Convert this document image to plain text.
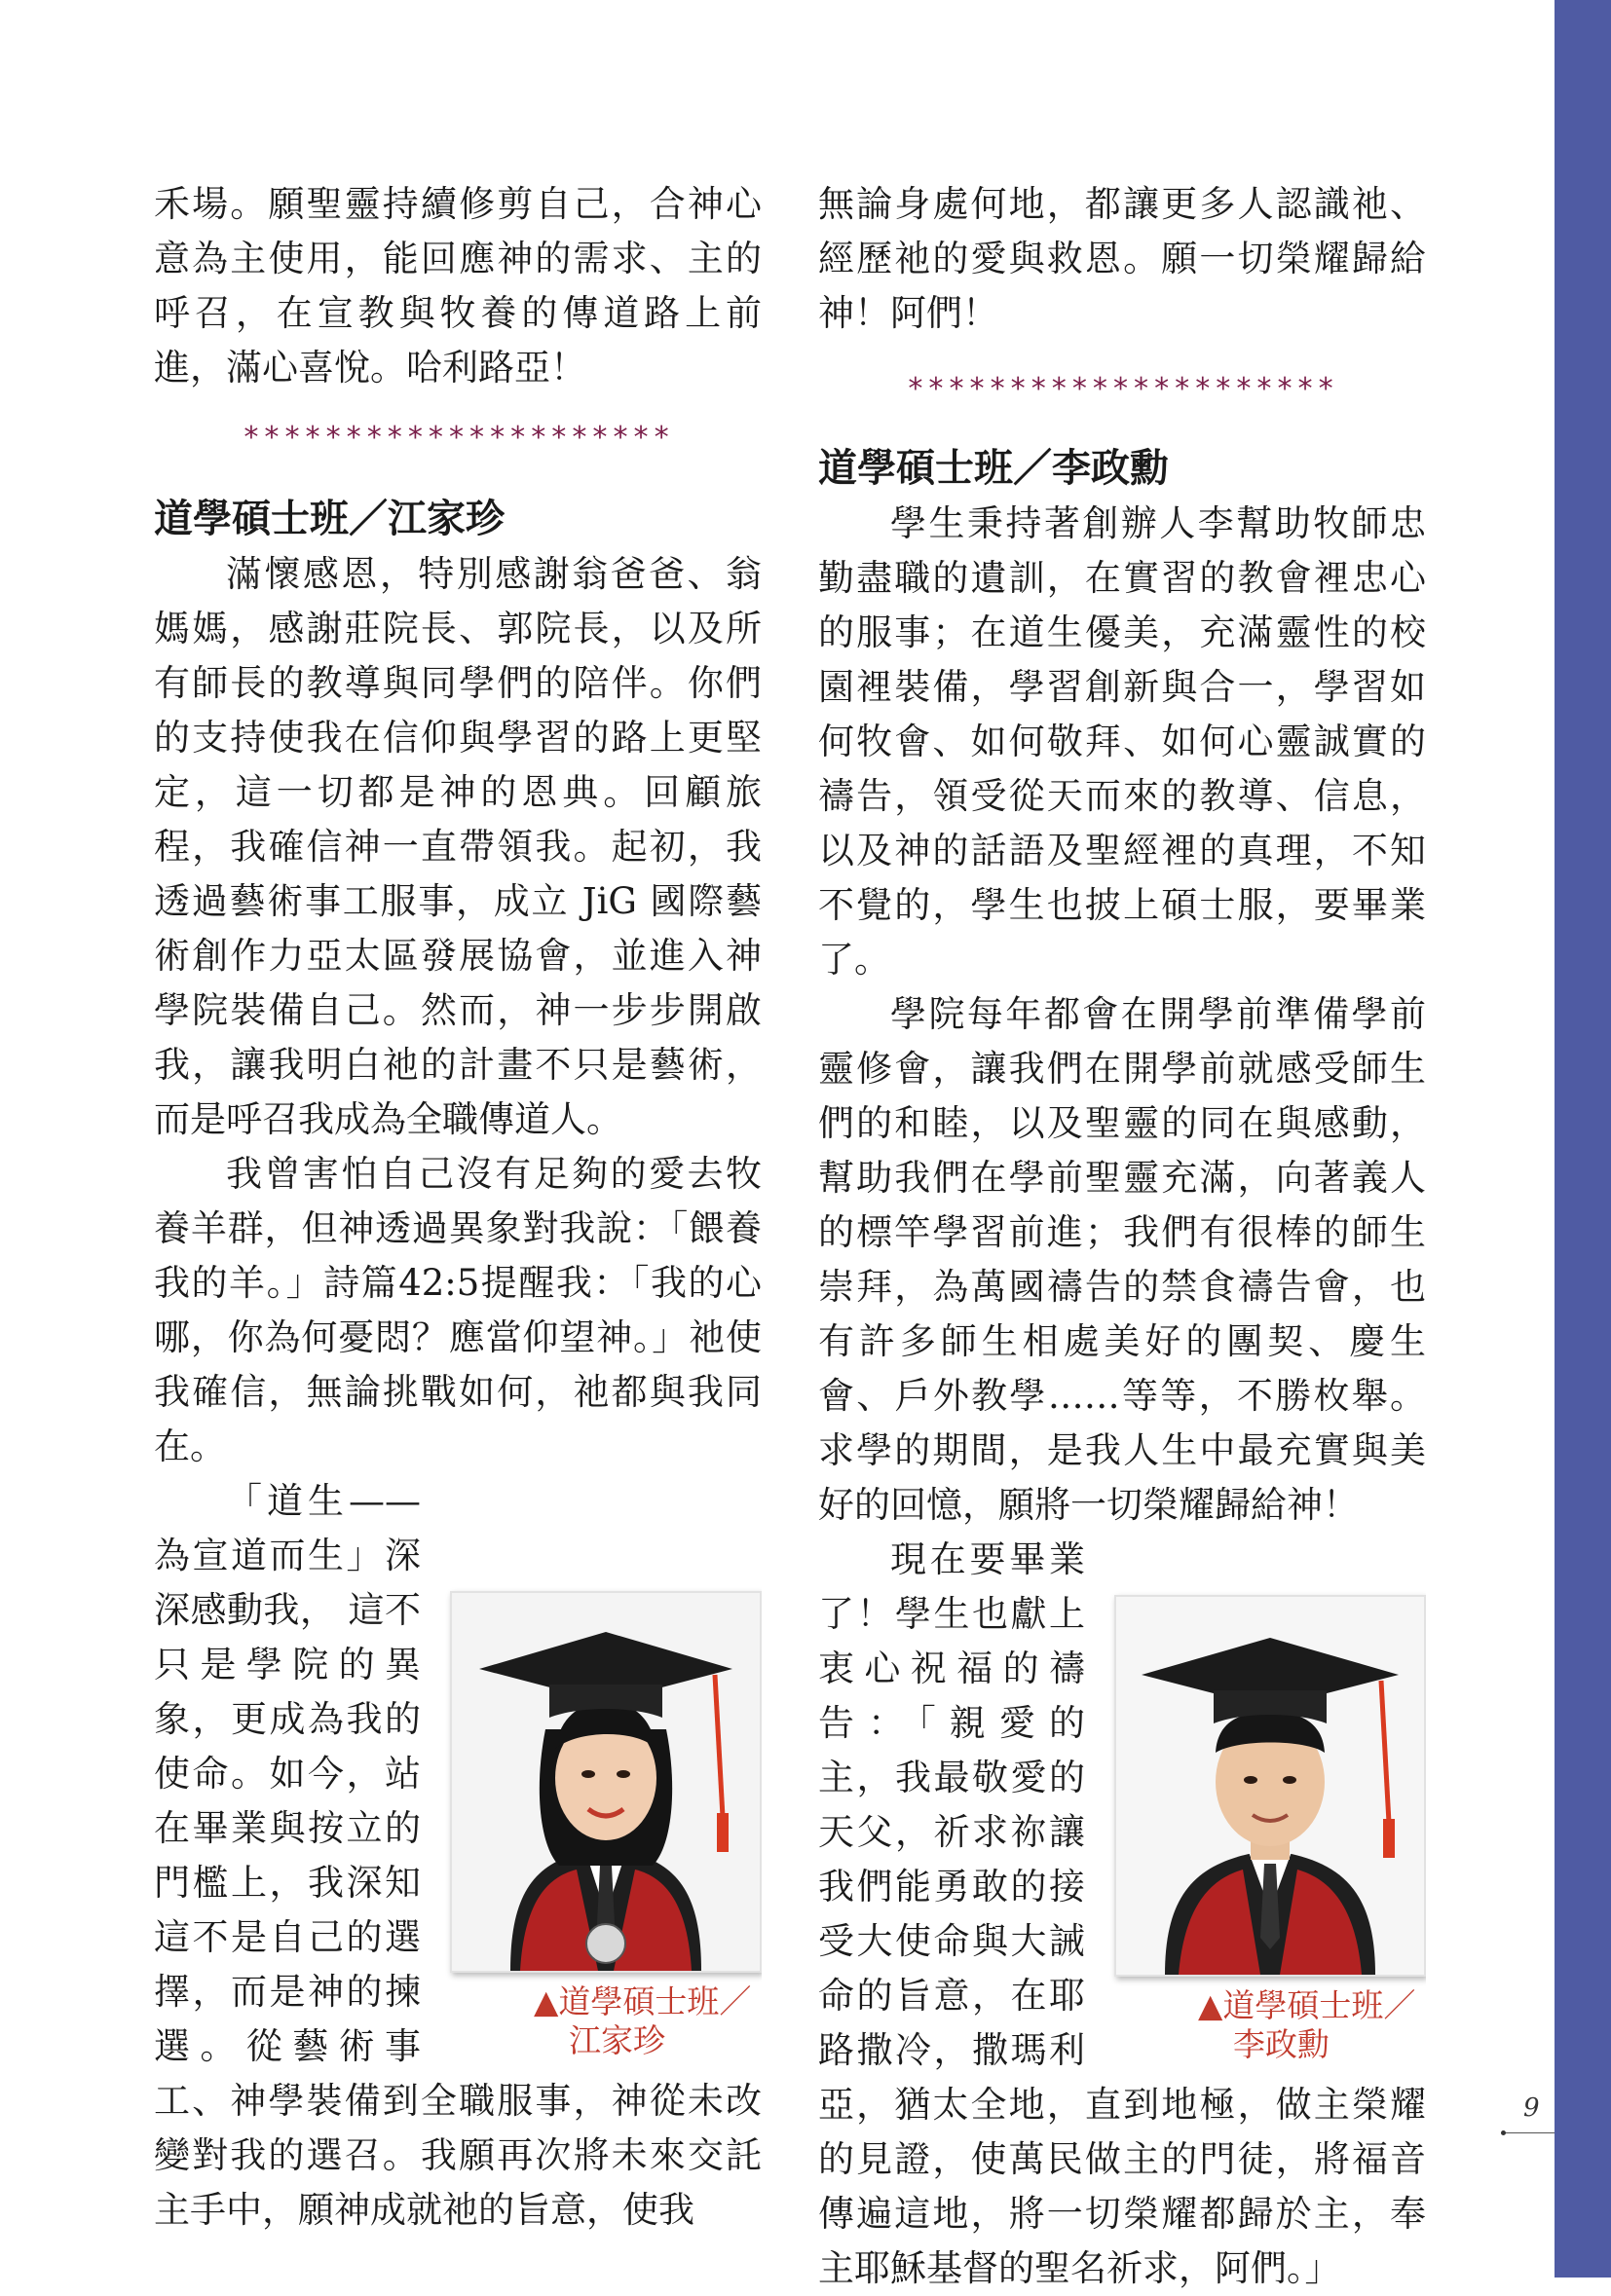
禾場。願聖靈持續修剪自己，合神心意為主使用，能回應神的需求、主的呼召，在宣教與牧養的傳道路上前進，滿心喜悅。哈利路亞！

*********************
道學碩士班／江家珍

滿懷感恩，特別感謝翁爸爸、翁媽媽，感謝莊院長、郭院長，以及所有師長的教導與同學們的陪伴。你們的支持使我在信仰與學習的路上更堅定，這一切都是神的恩典。回顧旅程，我確信神一直帶領我。起初，我透過藝術事工服事，成立 JiG 國際藝術創作力亞太區發展協會，並進入神學院裝備自己。然而，神一步步開啟我，讓我明白祂的計畫不只是藝術，而是呼召我成為全職傳道人。

我曾害怕自己沒有足夠的愛去牧養羊群，但神透過異象對我說：「餵養我的羊。」詩篇42:5提醒我：「我的心哪，你為何憂悶？應當仰望神。」祂使我確信，無論挑戰如何，祂都與我同在。

▲道學碩士班／
江家珍
「道生——為宣道而生」深深感動我， 這不只是學院的異象，更成為我的使命。如今，站在畢業與按立的門檻上，我深知這不是自己的選擇，而是神的揀選。從藝術事工、神學裝備到全職服事，神從未改變對我的選召。我願再次將未來交託主手中，願神成就祂的旨意，使我

無論身處何地，都讓更多人認識祂、經歷祂的愛與救恩。願一切榮耀歸給神！阿們！

*********************
道學碩士班／李政勳

學生秉持著創辦人李幫助牧師忠勤盡職的遺訓，在實習的教會裡忠心的服事；在道生優美，充滿靈性的校園裡裝備，學習創新與合一，學習如何牧會、如何敬拜、如何心靈誠實的禱告，領受從天而來的教導、信息，以及神的話語及聖經裡的真理，不知不覺的，學生也披上碩士服，要畢業了。

學院每年都會在開學前準備學前靈修會，讓我們在開學前就感受師生們的和睦，以及聖靈的同在與感動，幫助我們在學前聖靈充滿，向著義人的標竿學習前進；我們有很棒的師生崇拜，為萬國禱告的禁食禱告會，也有許多師生相處美好的團契、慶生會、戶外教學……等等，不勝枚舉。求學的期間，是我人生中最充實與美好的回憶，願將一切榮耀歸給神！

▲道學碩士班／
李政勳
現在要畢業了！學生也獻上衷心祝福的禱告：「親愛的主，我最敬愛的天父，祈求祢讓我們能勇敢的接受大使命與大誡命的旨意，在耶路撒冷，撒瑪利亞，猶太全地，直到地極，做主榮耀的見證，使萬民做主的門徒，將福音傳遍這地，將一切榮耀都歸於主，奉主耶穌基督的聖名祈求，阿們。」

9
